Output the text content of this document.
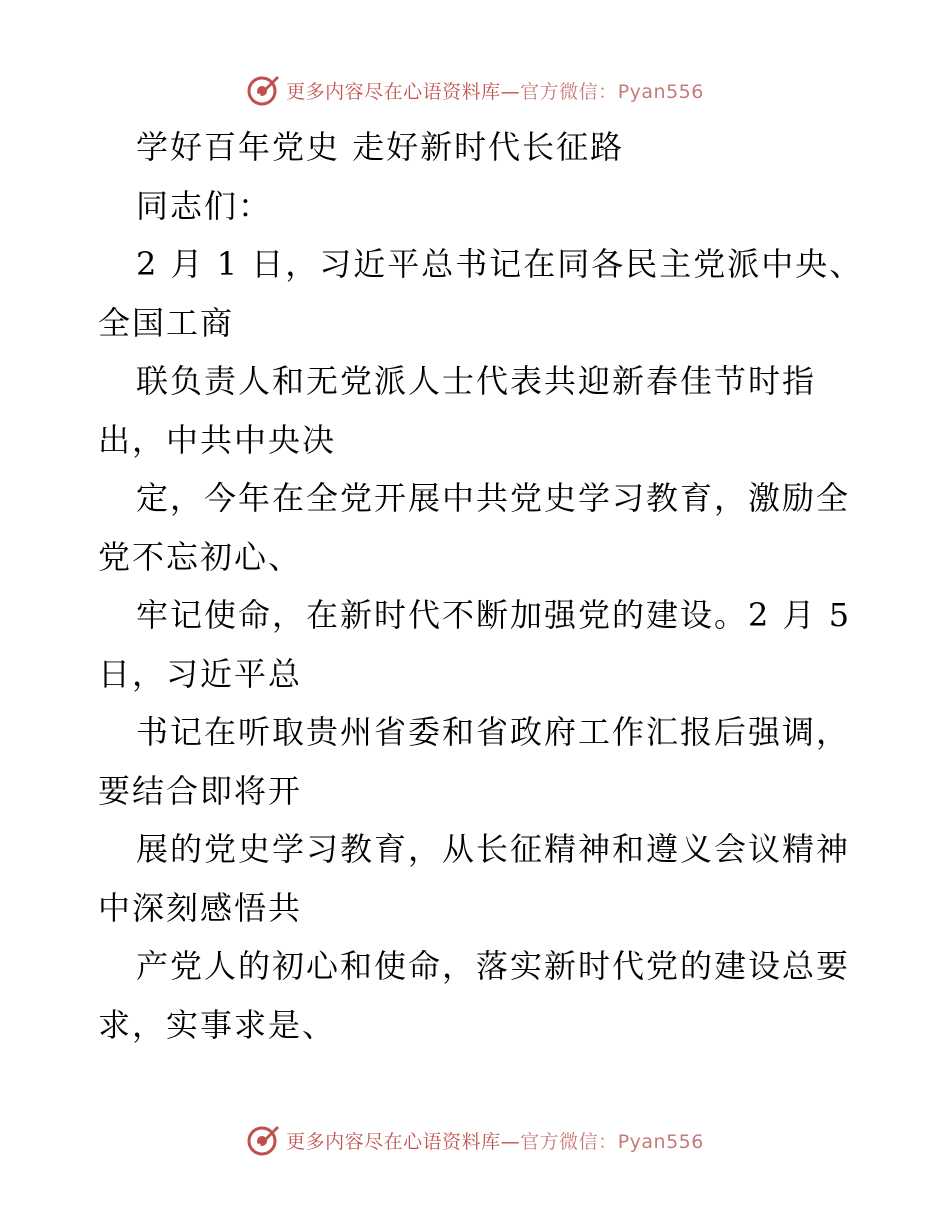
更多内容尽在心语资料库—官方微信：Pyan556
学好百年党史 走好新时代长征路
同志们：
2 月 1 日，习近平总书记在同各民主党派中央、
全国工商
联负责人和无党派人士代表共迎新春佳节时指
出，中共中央决
定，今年在全党开展中共党史学习教育，激励全
党不忘初心、
牢记使命，在新时代不断加强党的建设。2 月 5
日，习近平总
书记在听取贵州省委和省政府工作汇报后强调，
要结合即将开
展的党史学习教育，从长征精神和遵义会议精神
中深刻感悟共
产党人的初心和使命，落实新时代党的建设总要
求，实事求是、
更多内容尽在心语资料库—官方微信：Pyan556
